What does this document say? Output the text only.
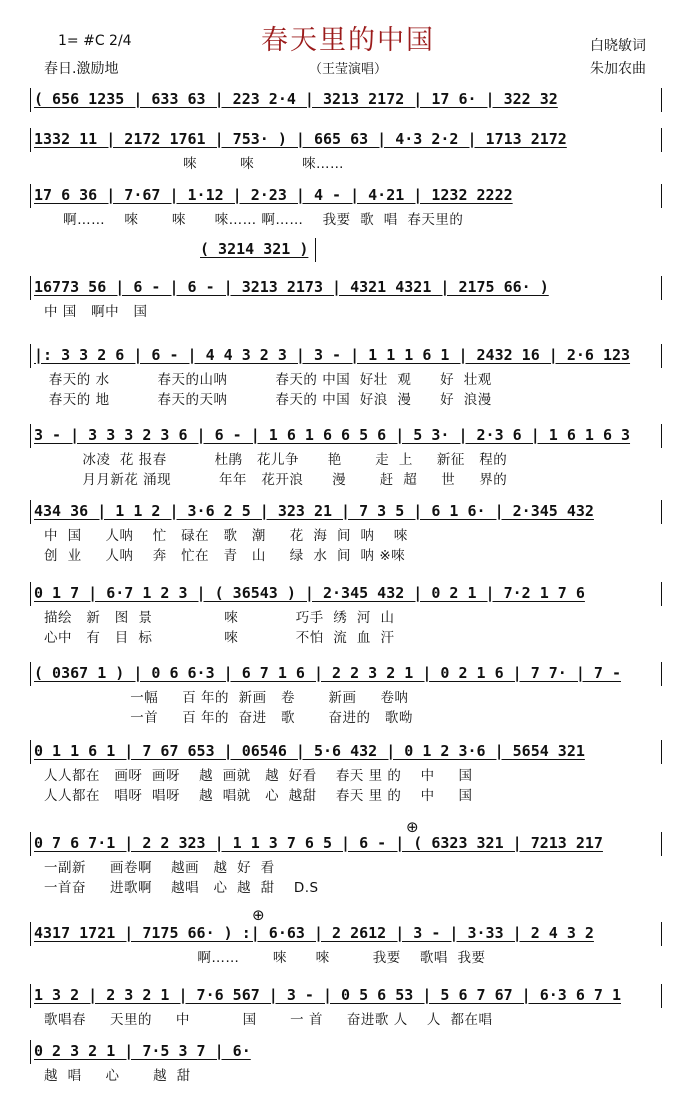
春天里的中国
1= #C 2/4
春日.激励地	（王莹演唱）
白晓敏词
朱加农曲
( 656 1235 | 633 63 | 223 2·4 | 3213 2172 | 17 6· | 322 32
1332 11 | 2172 1761 | 753· ) | 665 63 | 4·3 2·2 | 1713 2172
唻         唻          唻……
17 6 36 | 7·67 | 1·12 | 2·23 | 4 - | 4·21 | 1232 2222
啊……    唻       唻      唻…… 啊……    我要  歌  唱  春天里的
( 3214 321 )
16773 56 | 6 - | 6 - | 3213 2173 | 4321 4321 | 2175 66· )
中 国   啊中   国
|: 3 3 2 6 | 6 - | 4 4 3 2 3 | 3 - | 1 1 1 6 1 | 2432 16 | 2·6 123
春天的 水          春天的山呐          春天的 中国  好壮  观      好  壮观
春天的 地          春天的天呐          春天的 中国  好浪  漫      好  浪漫
3 - | 3 3 3 2 3 6 | 6 - | 1 6 1 6 6 5 6 | 5 3· | 2·3 6 | 1 6 1 6 3
冰凌  花 报春          杜鹃   花儿争      艳       走  上     新征   程的
月月新花 涌现          年年   花开浪      漫       赶  超     世     界的
434 36 | 1 1 2 | 3·6 2 5 | 323 21 | 7 3 5 | 6 1 6· | 2·345 432
中  国     人呐    忙   碌在   歌   潮     花  海  间  呐    唻
创  业     人呐    奔   忙在   青   山     绿  水  间  呐 ※唻
0 1 7 | 6·7 1 2 3 | ( 36543 ) | 2·345 432 | 0 2 1 | 7·2 1 7 6
描绘   新   图  景               唻            巧手  绣  河  山
心中   有   目  标               唻            不怕  流  血  汗
( 0367 1 ) | 0 6 6·3 | 6 7 1 6 | 2 2 3 2 1 | 0 2 1 6 | 7 7· | 7 -
一幅     百 年的  新画   卷       新画     卷呐
一首     百 年的  奋进   歌       奋进的   歌呦
0 1 1 6 1 | 7 67 653 | 06546 | 5·6 432 | 0 1 2 3·6 | 5654 321
人人都在   画呀  画呀    越  画就   越  好看    春天 里 的    中     国
人人都在   唱呀  唱呀    越  唱就   心  越甜    春天 里 的    中     国
⊕
0 7 6 7·1 | 2 2 323 | 1 1 3 7 6 5 | 6 - | ( 6323 321 | 7213 217
一副新     画卷啊    越画   越  好  看
一首奋     进歌啊    越唱   心  越  甜    D.S
⊕
4317 1721 | 7175 66· ) :| 6·63 | 2 2612 | 3 - | 3·33 | 2 4 3 2
啊……       唻      唻         我要    歌唱  我要
1 3 2 | 2 3 2 1 | 7·6 567 | 3 - | 0 5 6 53 | 5 6 7 67 | 6·3 6 7 1
歌唱春     天里的     中           国       一 首     奋进歌 人    人  都在唱
0 2 3 2 1 | 7·5 3 7 | 6·
越  唱     心       越  甜
